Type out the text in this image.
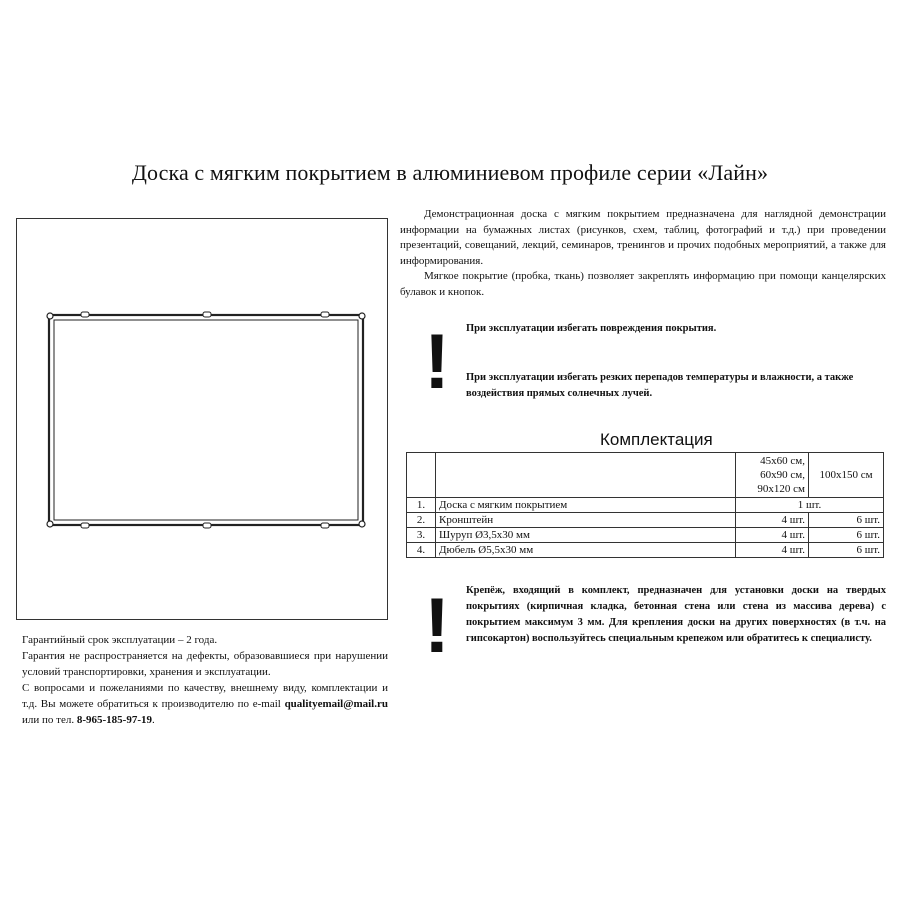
Доска с мягким покрытием в алюминиевом профиле серии «Лайн»

Демонстрационная доска с мягким покрытием предназначена для наглядной демонстрации информации на бумажных листах (рисунков, схем, таблиц, фотографий и т.д.) при проведении презентаций, совещаний, лекций, семинаров, тренингов и прочих подобных мероприятий, а также для информирования.

Мягкое покрытие (пробка, ткань) позволяет закреплять информацию при помощи канцелярских булавок и кнопок.

! При эксплуатации избегать повреждения покрытия.
При эксплуатации избегать резких перепадов температуры и влажности, а также воздействия прямых солнечных лучей.
Комплектация
		45х60 см, 60х90 см, 90х120 см	100х150 см
1.	Доска с мягким покрытием	1 шт.	
2.	Кронштейн	4 шт.	6 шт.
3.	Шуруп Ø3,5х30 мм	4 шт.	6 шт.
4.	Дюбель Ø5,5х30 мм	4 шт.	6 шт.
! Крепёж, входящий в комплект, предназначен для установки доски на твердых покрытиях (кирпичная кладка, бетонная стена или стена из массива дерева) с покрытием максимум 3 мм. Для крепления доски на других поверхностях (в т.ч. на гипсокартон) воспользуйтесь специальным крепежом или обратитесь к специалисту.

Гарантийный срок эксплуатации – 2 года.

Гарантия не распространяется на дефекты, образовавшиеся при нарушении условий транспортировки, хранения и эксплуатации.

С вопросами и пожеланиями по качеству, внешнему виду, комплектации и т.д. Вы можете обратиться к производителю по e-mail qualityemail@mail.ru или по тел. 8-965-185-97-19.
